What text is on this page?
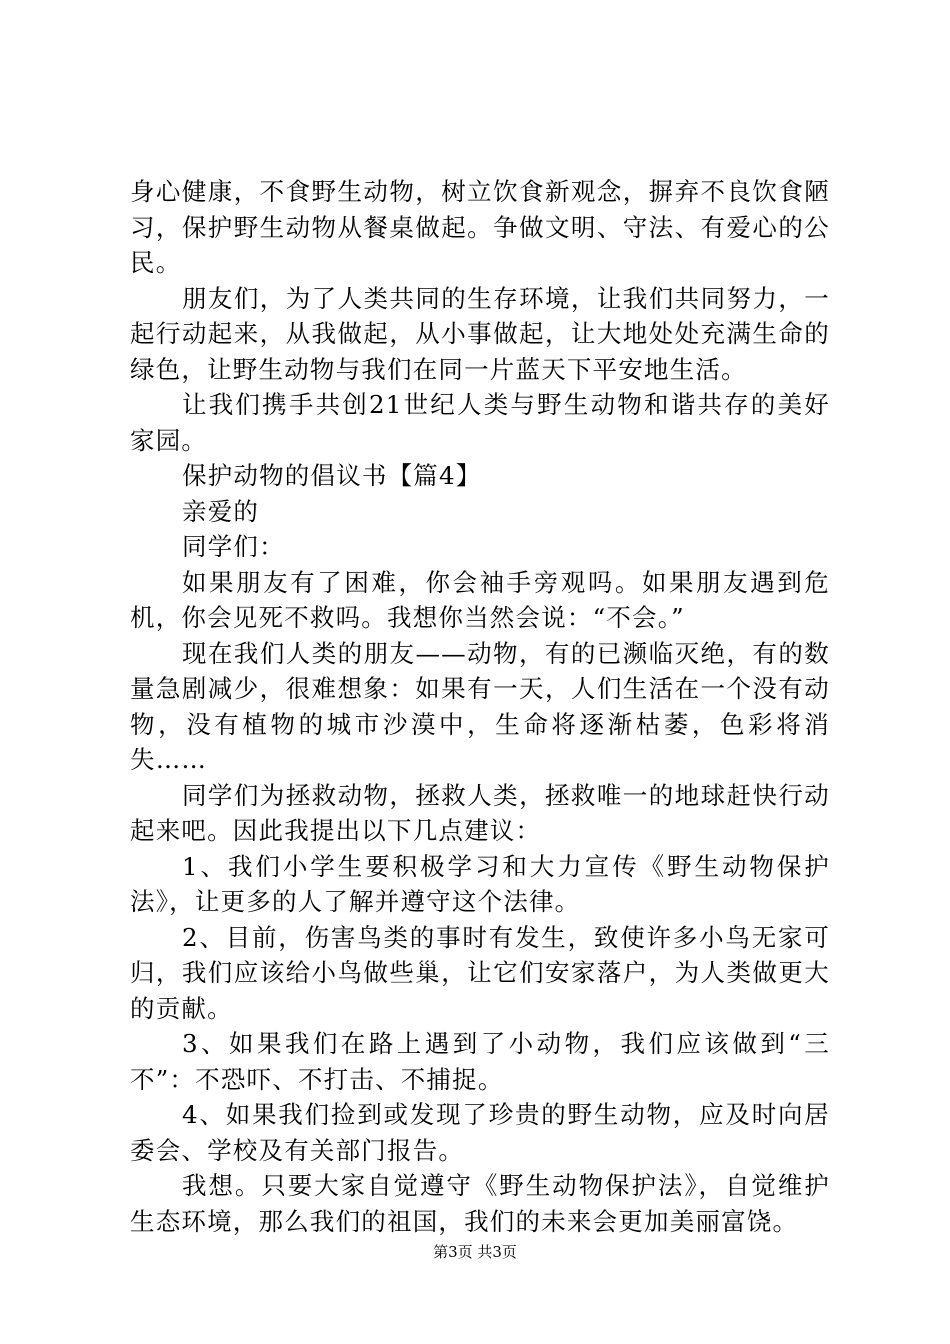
身心健康，不食野生动物，树立饮食新观念，摒弃不良饮食陋习，保护野生动物从餐桌做起。争做文明、守法、有爱心的公民。

朋友们，为了人类共同的生存环境，让我们共同努力，一起行动起来，从我做起，从小事做起，让大地处处充满生命的绿色，让野生动物与我们在同一片蓝天下平安地生活。

让我们携手共创21世纪人类与野生动物和谐共存的美好家园。

保护动物的倡议书【篇4】

亲爱的

同学们：

如果朋友有了困难，你会袖手旁观吗。如果朋友遇到危机，你会见死不救吗。我想你当然会说：“不会。”

现在我们人类的朋友——动物，有的已濒临灭绝，有的数量急剧减少，很难想象：如果有一天，人们生活在一个没有动物，没有植物的城市沙漠中，生命将逐渐枯萎，色彩将消失……

同学们为拯救动物，拯救人类，拯救唯一的地球赶快行动起来吧。因此我提出以下几点建议：

1、我们小学生要积极学习和大力宣传《野生动物保护法》，让更多的人了解并遵守这个法律。

2、目前，伤害鸟类的事时有发生，致使许多小鸟无家可归，我们应该给小鸟做些巢，让它们安家落户，为人类做更大的贡献。

3、如果我们在路上遇到了小动物，我们应该做到“三不”：不恐吓、不打击、不捕捉。

4、如果我们捡到或发现了珍贵的野生动物，应及时向居委会、学校及有关部门报告。

我想。只要大家自觉遵守《野生动物保护法》，自觉维护生态环境，那么我们的祖国，我们的未来会更加美丽富饶。

第3页 共3页
